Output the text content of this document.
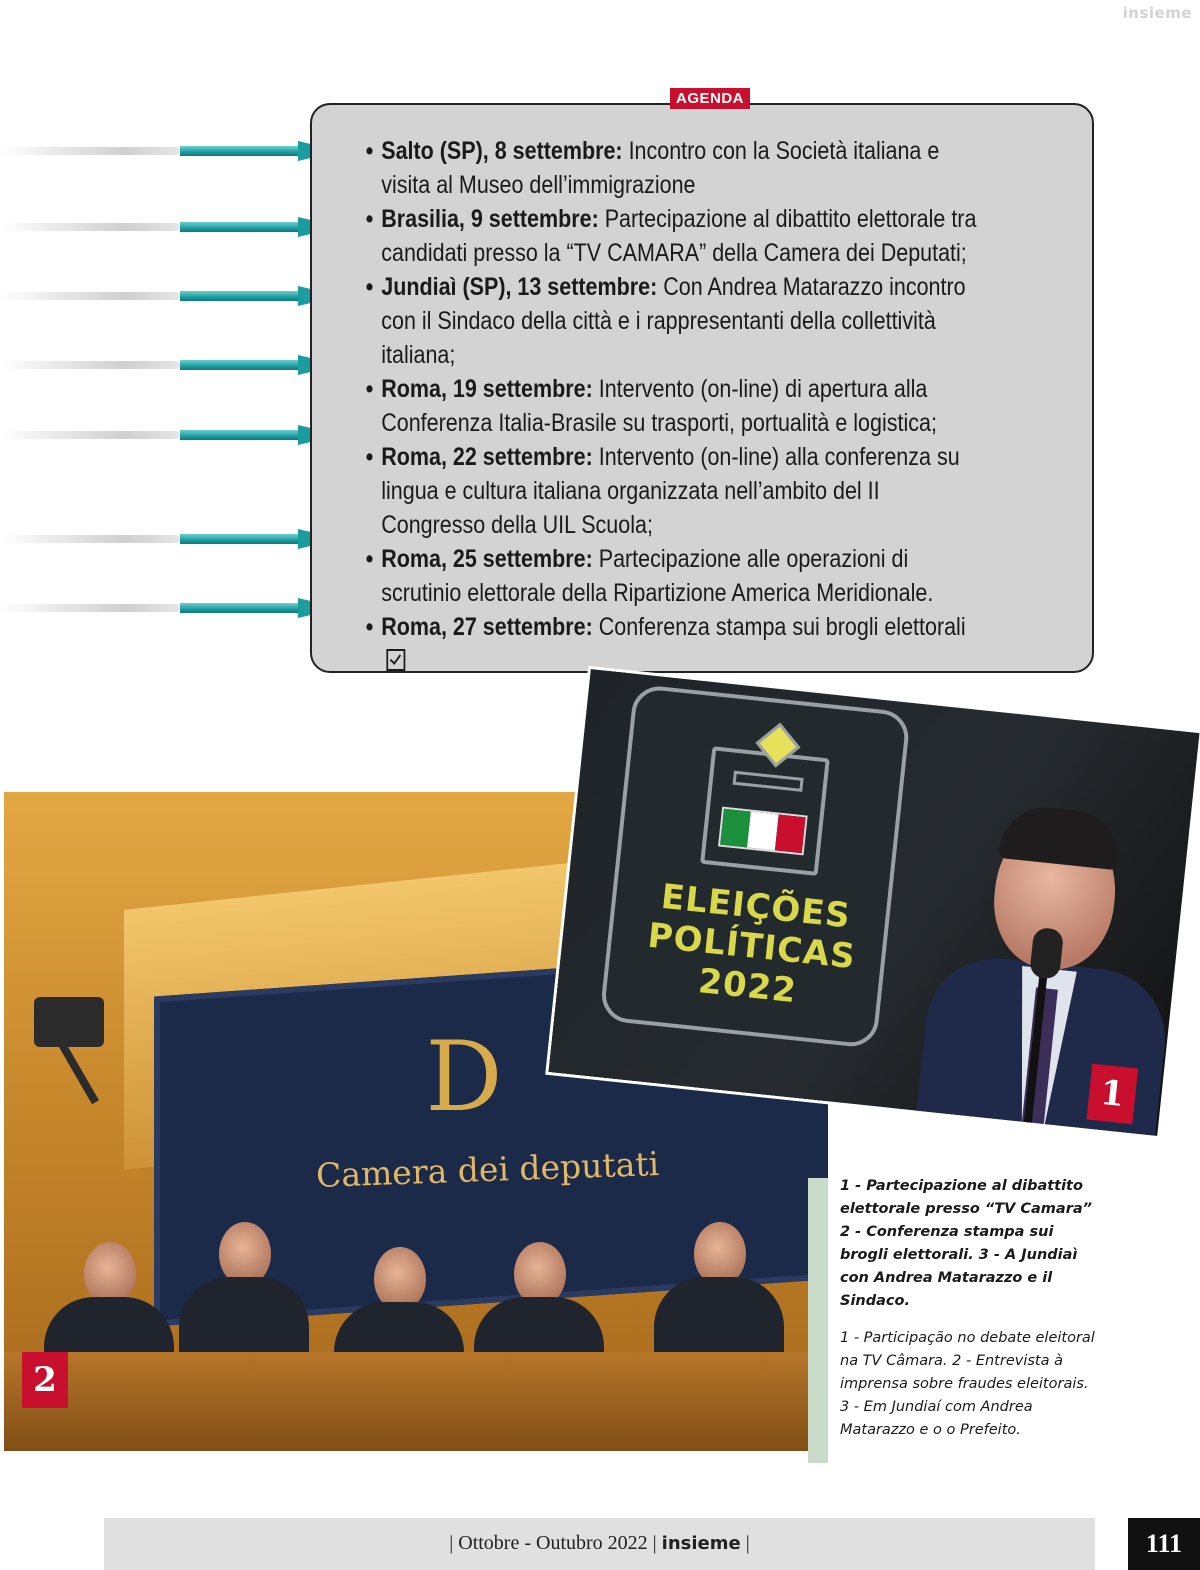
insieme
AGENDA
• Salto (SP), 8 settembre: Incontro con la Società italiana e visita al Museo dell’immigrazione
• Brasilia, 9 settembre: Partecipazione al dibattito elettorale tra candidati presso la “TV CAMARA” della Camera dei Deputati;
• Jundiaì (SP), 13 settembre: Con Andrea Matarazzo incontro con il Sindaco della città e i rappresentanti della collettività italiana;
• Roma, 19 settembre: Intervento (on-line) di apertura alla Conferenza Italia-Brasile su trasporti, portualità e logistica;
• Roma, 22 settembre: Intervento (on-line) alla conferenza su lingua e cultura italiana organizzata nell’ambito del II Congresso della UIL Scuola;
• Roma, 25 settembre: Partecipazione alle operazioni di scrutinio elettorale della Ripartizione America Meridionale.
• Roma, 27 settembre: Conferenza stampa sui brogli elettorali
D
Camera dei deputati
2
ELEIÇÕES POLÍTICAS 2022
1

1 - Partecipazione al dibattito elettorale presso “TV Camara” 2 - Conferenza stampa sui brogli elettorali. 3 - A Jundiaì con Andrea Matarazzo e il Sindaco.

1 - Participação no debate eleitoral na TV Câmara. 2 - Entrevista à imprensa sobre fraudes eleitorais. 3 - Em Jundiaí com Andrea Matarazzo e o o Prefeito.

| Ottobre - Outubro 2022 | insieme |	111
